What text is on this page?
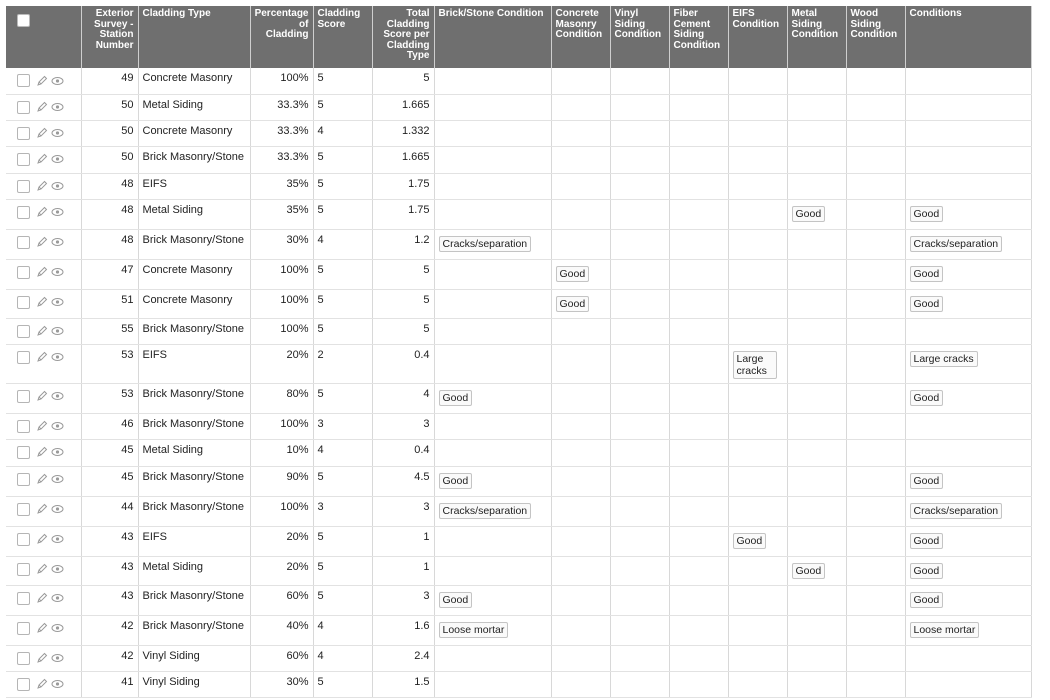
	Exterior Survey - Station Number	Cladding Type	Percentage of Cladding	Cladding Score	Total Cladding Score per Cladding Type	Brick/Stone Condition	Concrete Masonry Condition	Vinyl Siding Condition	Fiber Cement Siding Condition	EIFS Condition	Metal Siding Condition	Wood Siding Condition	Conditions
	49	Concrete Masonry	100%	5	5								
	50	Metal Siding	33.3%	5	1.665								
	50	Concrete Masonry	33.3%	4	1.332								
	50	Brick Masonry/Stone	33.3%	5	1.665								
	48	EIFS	35%	5	1.75								
	48	Metal Siding	35%	5	1.75						Good		Good
	48	Brick Masonry/Stone	30%	4	1.2	Cracks/separation							Cracks/separation
	47	Concrete Masonry	100%	5	5		Good						Good
	51	Concrete Masonry	100%	5	5		Good						Good
	55	Brick Masonry/Stone	100%	5	5								
	53	EIFS	20%	2	0.4					Large cracks			Large cracks
	53	Brick Masonry/Stone	80%	5	4	Good							Good
	46	Brick Masonry/Stone	100%	3	3								
	45	Metal Siding	10%	4	0.4								
	45	Brick Masonry/Stone	90%	5	4.5	Good							Good
	44	Brick Masonry/Stone	100%	3	3	Cracks/separation							Cracks/separation
	43	EIFS	20%	5	1					Good			Good
	43	Metal Siding	20%	5	1						Good		Good
	43	Brick Masonry/Stone	60%	5	3	Good							Good
	42	Brick Masonry/Stone	40%	4	1.6	Loose mortar							Loose mortar
	42	Vinyl Siding	60%	4	2.4								
	41	Vinyl Siding	30%	5	1.5								
